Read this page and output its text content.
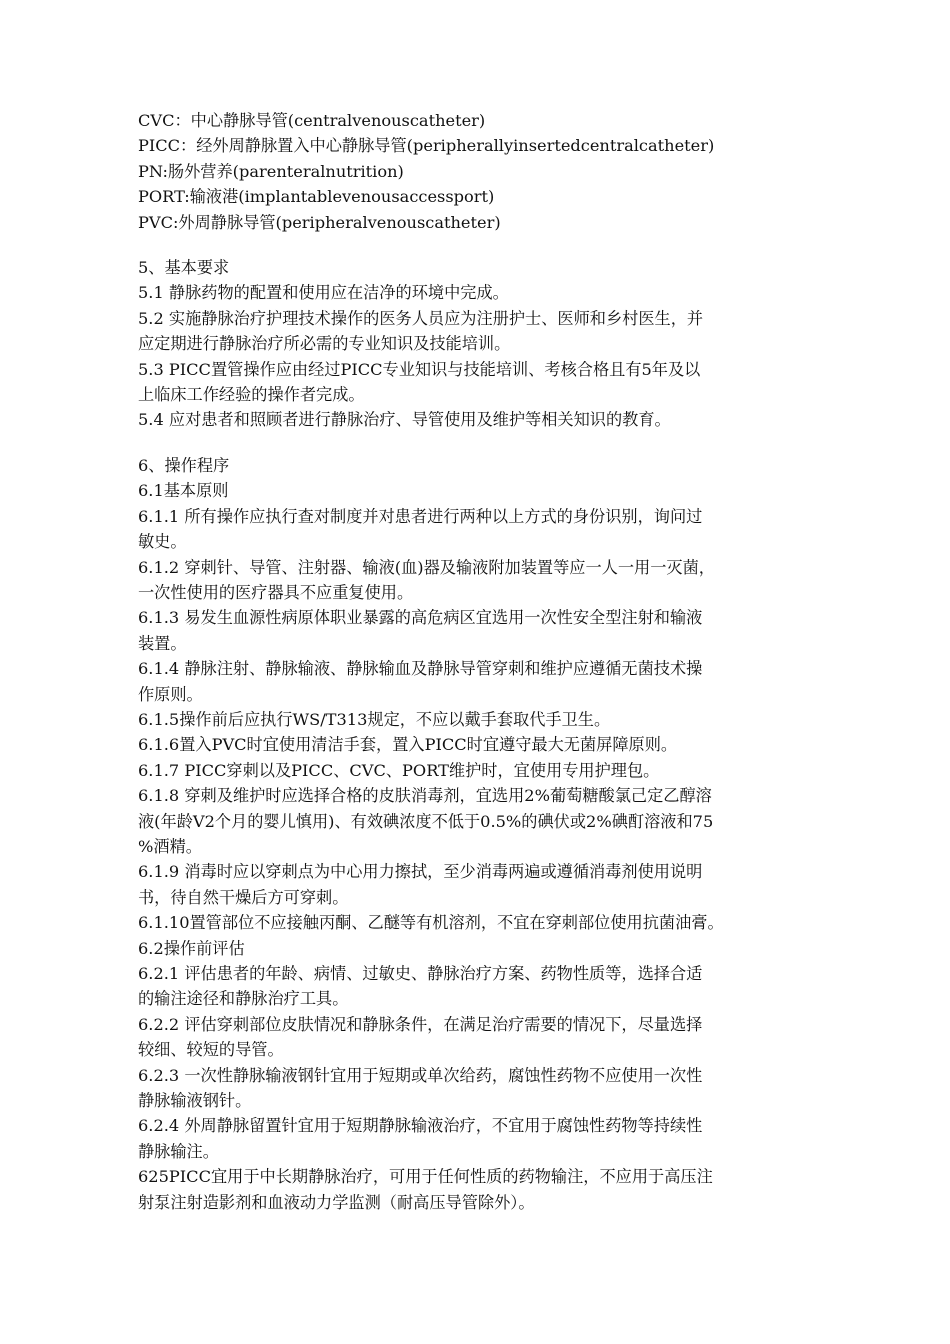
CVC：中心静脉导管(centralvenouscatheter)
PICC：经外周静脉置入中心静脉导管(peripherallyinsertedcentralcatheter)
PN:肠外营养(parenteralnutrition)
PORT:输液港(implantablevenousaccessport)
PVC:外周静脉导管(peripheralvenouscatheter)
5、基本要求
5.1 静脉药物的配置和使用应在洁净的环境中完成。
5.2 实施静脉治疗护理技术操作的医务人员应为注册护士、医师和乡村医生，并
应定期进行静脉治疗所必需的专业知识及技能培训。
5.3 PICC置管操作应由经过PICC专业知识与技能培训、考核合格且有5年及以
上临床工作经验的操作者完成。
5.4 应对患者和照顾者进行静脉治疗、导管使用及维护等相关知识的教育。
6、操作程序
6.1基本原则
6.1.1 所有操作应执行查对制度并对患者进行两种以上方式的身份识别，询问过
敏史。
6.1.2 穿刺针、导管、注射器、输液(血)器及输液附加装置等应一人一用一灭菌，
一次性使用的医疗器具不应重复使用。
6.1.3 易发生血源性病原体职业暴露的高危病区宜选用一次性安全型注射和输液
装置。
6.1.4 静脉注射、静脉输液、静脉输血及静脉导管穿刺和维护应遵循无菌技术操
作原则。
6.1.5操作前后应执行WS/T313规定，不应以戴手套取代手卫生。
6.1.6置入PVC时宜使用清洁手套，置入PICC时宜遵守最大无菌屏障原则。
6.1.7 PICC穿刺以及PICC、CVC、PORT维护时，宜使用专用护理包。
6.1.8 穿刺及维护时应选择合格的皮肤消毒剂，宜选用2%葡萄糖酸氯己定乙醇溶
液(年龄V2个月的婴儿慎用)、有效碘浓度不低于0.5%的碘伏或2%碘酊溶液和75
%酒精。
6.1.9 消毒时应以穿刺点为中心用力擦拭，至少消毒两遍或遵循消毒剂使用说明
书，待自然干燥后方可穿刺。
6.1.10置管部位不应接触丙酮、乙醚等有机溶剂，不宜在穿刺部位使用抗菌油膏。
6.2操作前评估
6.2.1 评估患者的年龄、病情、过敏史、静脉治疗方案、药物性质等，选择合适
的输注途径和静脉治疗工具。
6.2.2 评估穿刺部位皮肤情况和静脉条件，在满足治疗需要的情况下，尽量选择
较细、较短的导管。
6.2.3 一次性静脉输液钢针宜用于短期或单次给药，腐蚀性药物不应使用一次性
静脉输液钢针。
6.2.4 外周静脉留置针宜用于短期静脉输液治疗，不宜用于腐蚀性药物等持续性
静脉输注。
625PICC宜用于中长期静脉治疗，可用于任何性质的药物输注，不应用于高压注
射泵注射造影剂和血液动力学监测（耐高压导管除外）。
